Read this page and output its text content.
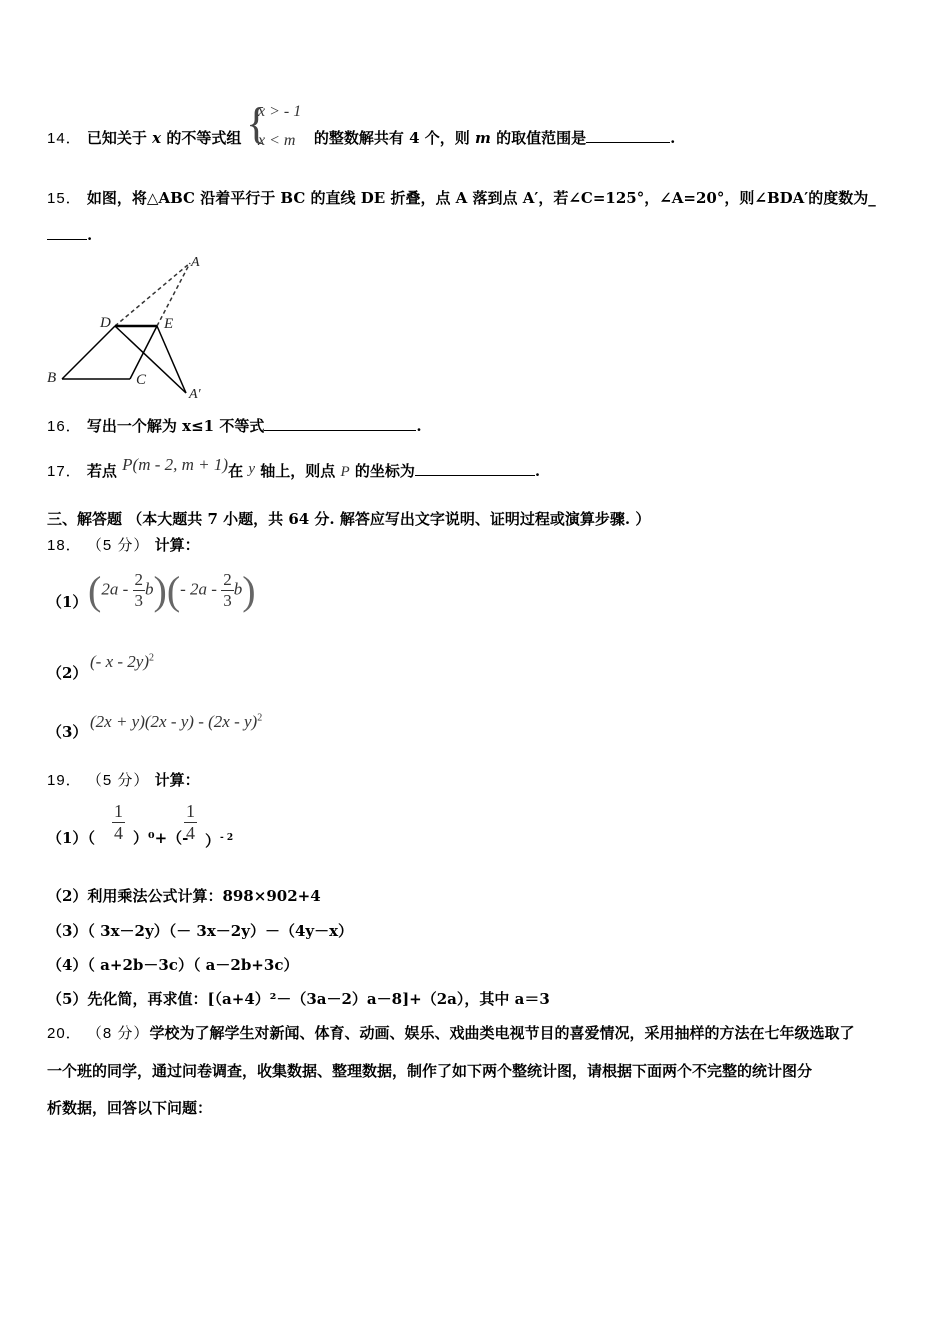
{
x > - 1
x < m
14． 已知关于 x 的不等式组	的整数解共有 4 个，则 m 的取值范围是	.
15． 如图，将△ABC 沿着平行于 BC 的直线 DE 折叠，点 A 落到点 A′，若∠C=125°，∠A=20°，则∠BDA′的度数为_
.
A
D	E
B	C
A′
16． 写出一个解为 x≤1 不等式	.
17． 若点 P(m - 2, m + 1)在 y 轴上，则点 P 的坐标为	.
三、解答题 （本大题共 7 小题，共 64 分. 解答应写出文字说明、证明过程或演算步骤. ）
18． （5 分） 计算：
（1） $(2a - \frac{2}{3} b)(-$ $2a - \frac{2}{3} b$)
（2）
(- x - 2y)$^2$
（3）
(2x + y)(2x - y) - (2x - y)$^2$
19． （5 分） 计算：
$(1)( \frac{1}{4} )^0+(-$
$\frac{1}{4} )^{- 2}$
（2）利用乘法公式计算：898×902+4
（3）（ 3x－2y）（－ 3x－2y）－（4y－x）
（4）（ a+2b－3c）（ a－2b+3c）
（5）先化简，再求值：[（a+4）²－（3a－2）a－8]+（2a），其中 a＝3
20． （8 分）学校为了解学生对新闻、体育、动画、娱乐、戏曲类电视节目的喜爱情况，采用抽样的方法在七年级选取了
一个班的同学，通过问卷调查，收集数据、整理数据，制作了如下两个整统计图，请根据下面两个不完整的统计图分
析数据，回答以下问题：
